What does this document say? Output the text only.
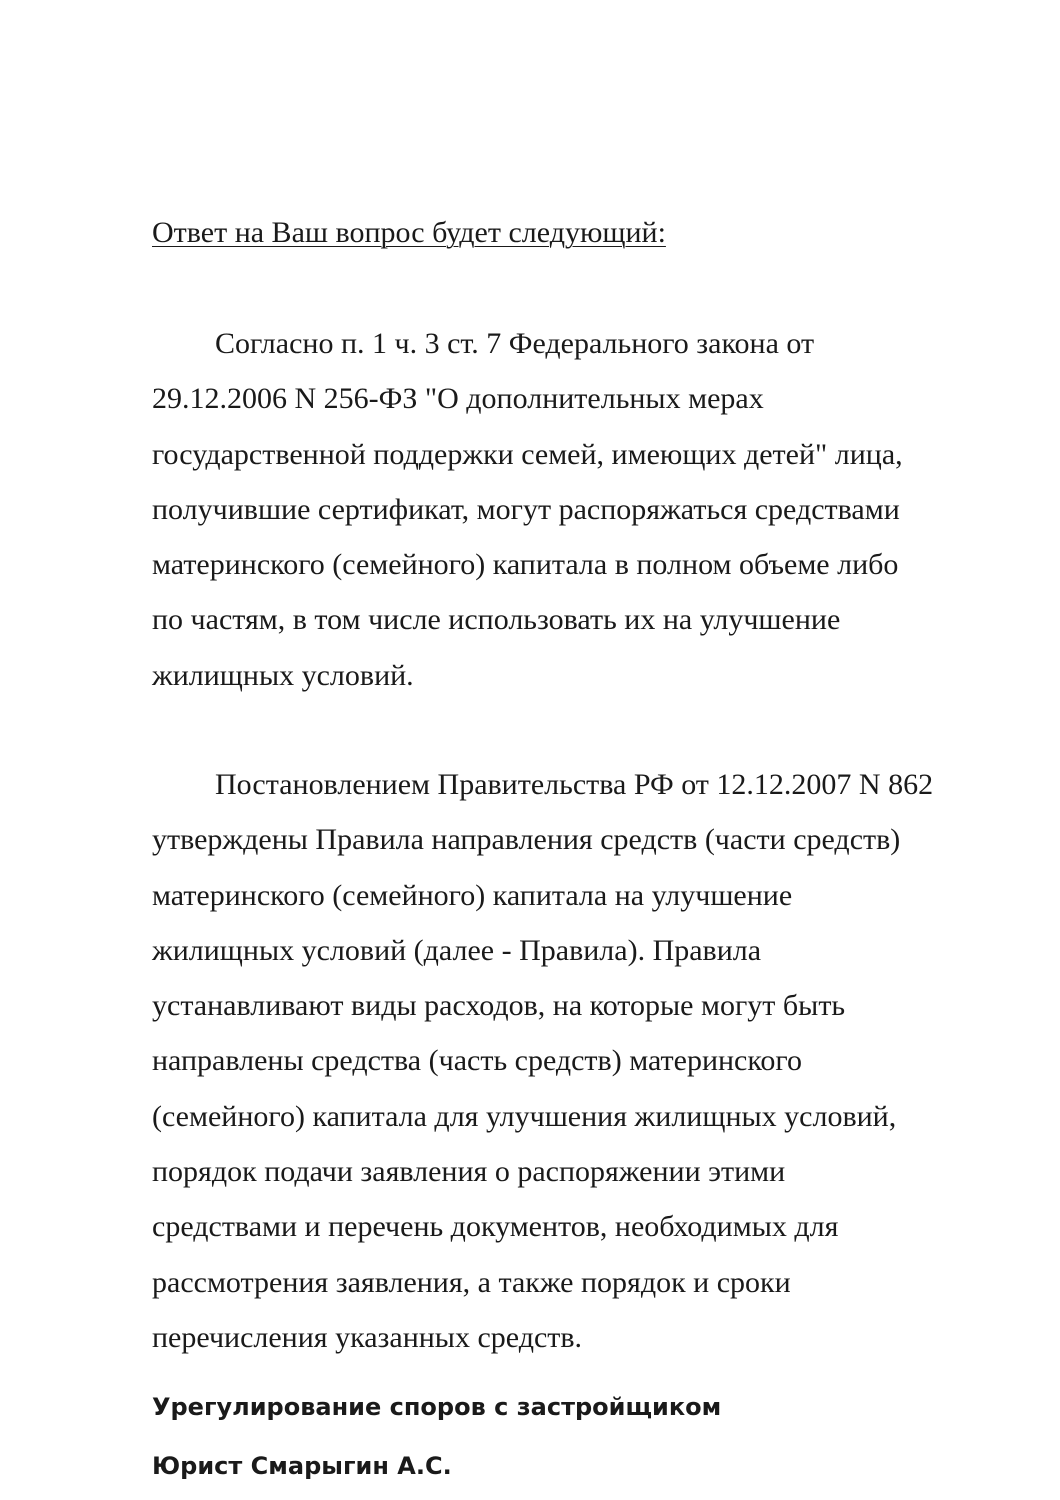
Ответ на Ваш вопрос будет следующий:

Согласно п. 1 ч. 3 ст. 7 Федерального закона от
29.12.2006 N 256-ФЗ "О дополнительных мерах
государственной поддержки семей, имеющих детей" лица,
получившие сертификат, могут распоряжаться средствами
материнского (семейного) капитала в полном объеме либо
по частям, в том числе использовать их на улучшение
жилищных условий.

Постановлением Правительства РФ от 12.12.2007 N 862
утверждены Правила направления средств (части средств)
материнского (семейного) капитала на улучшение
жилищных условий (далее - Правила). Правила
устанавливают виды расходов, на которые могут быть
направлены средства (часть средств) материнского
(семейного) капитала для улучшения жилищных условий,
порядок подачи заявления о распоряжении этими
средствами и перечень документов, необходимых для
рассмотрения заявления, а также порядок и сроки
перечисления указанных средств.

Урегулирование споров с застройщиком

Юрист Смарыгин А.С.
